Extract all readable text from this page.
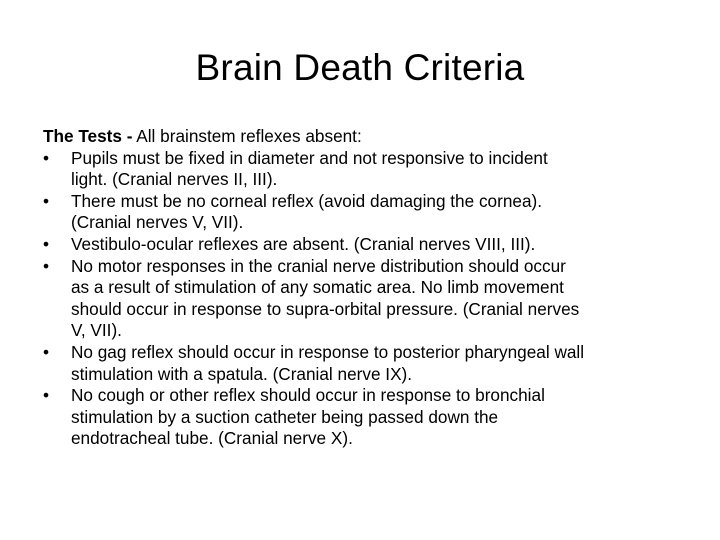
Brain Death Criteria

The Tests - All brainstem reflexes absent:

•	Pupils must be fixed in diameter and not responsive to incident
light. (Cranial nerves II, III).
•	There must be no corneal reflex (avoid damaging the cornea).
(Cranial nerves V, VII).
•	Vestibulo-ocular reflexes are absent. (Cranial nerves VIII, III).
•	No motor responses in the cranial nerve distribution should occur
as a result of stimulation of any somatic area. No limb movement
should occur in response to supra-orbital pressure. (Cranial nerves
V, VII).
•	No gag reflex should occur in response to posterior pharyngeal wall
stimulation with a spatula. (Cranial nerve IX).
•	No cough or other reflex should occur in response to bronchial
stimulation by a suction catheter being passed down the
endotracheal tube. (Cranial nerve X).
